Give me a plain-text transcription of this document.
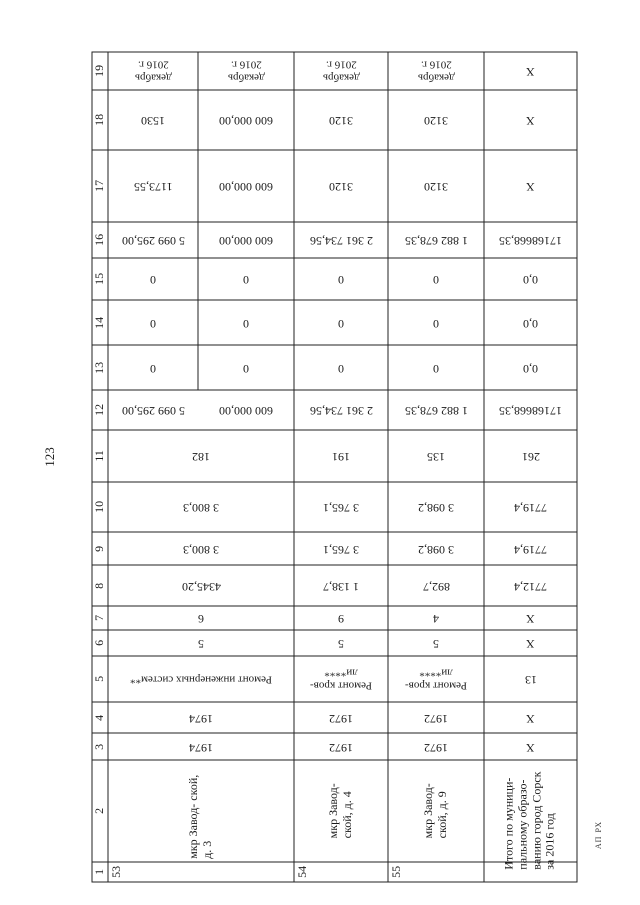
123
АП РХ
1
2
3
4
5
6
7
8
9
10
11
12
13
14
15
16
17
18
19
53
мкр Завод- ской, д. 3
1974
1974
Ремонт инженерных систем**
5
6
4345,20
3 800,3
3 800,3
182
5 099 295,00
0
0
0
5 099 295,00
1173,55
1530
декабрь
2016 г.
600 000,00
0
0
0
600 000,00
600 000,00
600 000,00
декабрь
2016 г.
54
мкр Завод-
ской, д. 4
1972
1972
Ремонт кров-
ли****
5
9
1 138,7
3 765,1
3 765,1
191
2 361 734,56
0
0
0
2 361 734,56
3120
3120
декабрь
2016 г.
55
мкр Завод-
ской, д. 9
1972
1972
Ремонт кров-
ли****
5
4
892,7
3 098,2
3 098,2
135
1 882 678,35
0
0
0
1 882 678,35
3120
3120
декабрь
2016 г.
Итого по муници-
пальному образо-
ванию город Сорск
за 2016 год
X
X
13
X
X
7712,4
7719,4
7719,4
261
17168668,35
0,0
0,0
0,0
17168668,35
X
X
X
